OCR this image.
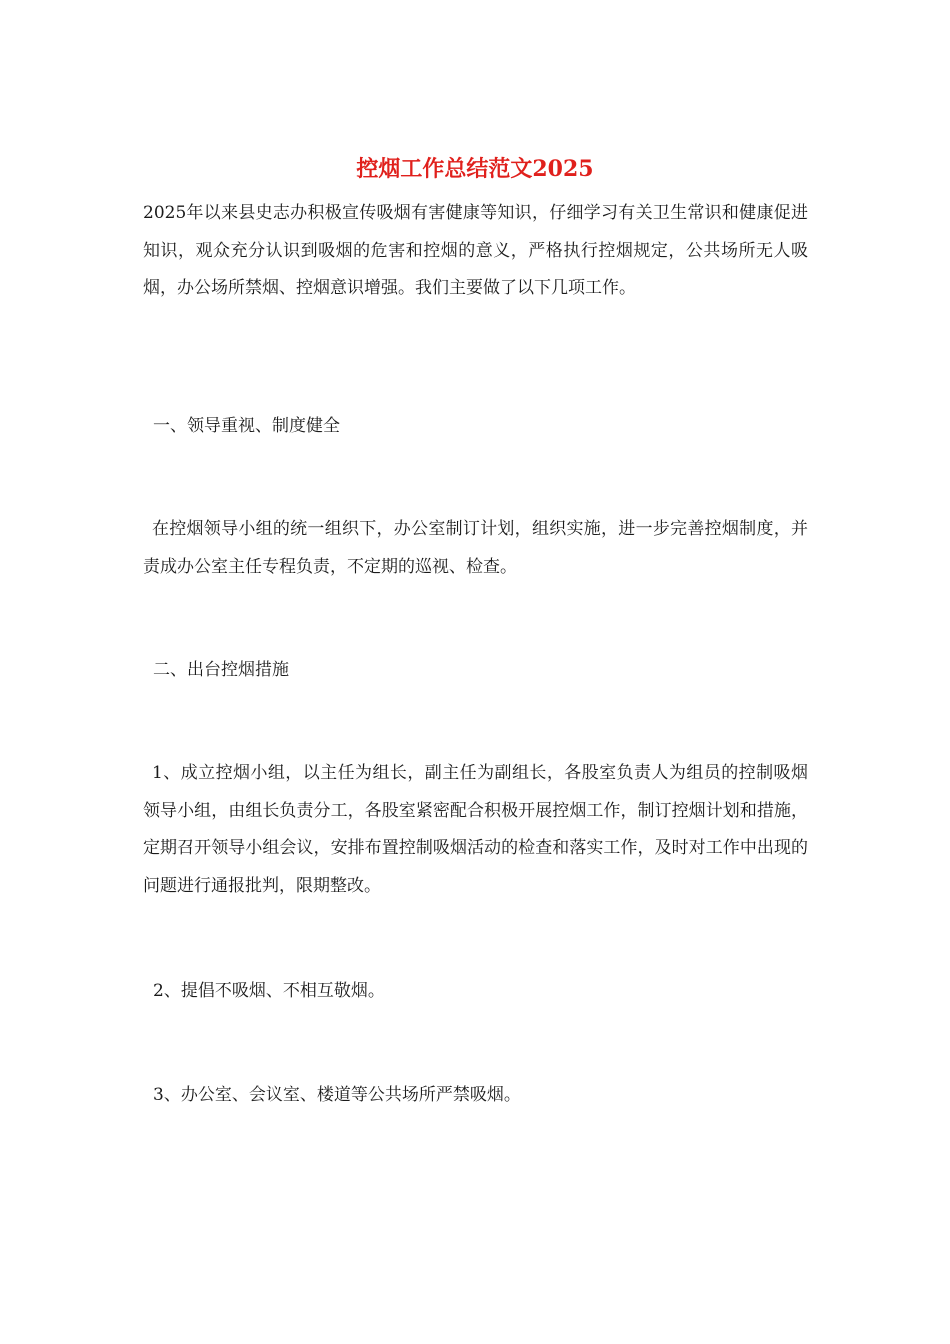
控烟工作总结范文2025

2025年以来县史志办积极宣传吸烟有害健康等知识，仔细学习有关卫生常识和健康促进知识，观众充分认识到吸烟的危害和控烟的意义，严格执行控烟规定，公共场所无人吸烟，办公场所禁烟、控烟意识增强。我们主要做了以下几项工作。

一、领导重视、制度健全

在控烟领导小组的统一组织下，办公室制订计划，组织实施，进一步完善控烟制度，并责成办公室主任专程负责，不定期的巡视、检查。

二、出台控烟措施

1、成立控烟小组，以主任为组长，副主任为副组长，各股室负责人为组员的控制吸烟领导小组，由组长负责分工，各股室紧密配合积极开展控烟工作，制订控烟计划和措施，定期召开领导小组会议，安排布置控制吸烟活动的检查和落实工作，及时对工作中出现的问题进行通报批判，限期整改。

2、提倡不吸烟、不相互敬烟。
3、办公室、会议室、楼道等公共场所严禁吸烟。
